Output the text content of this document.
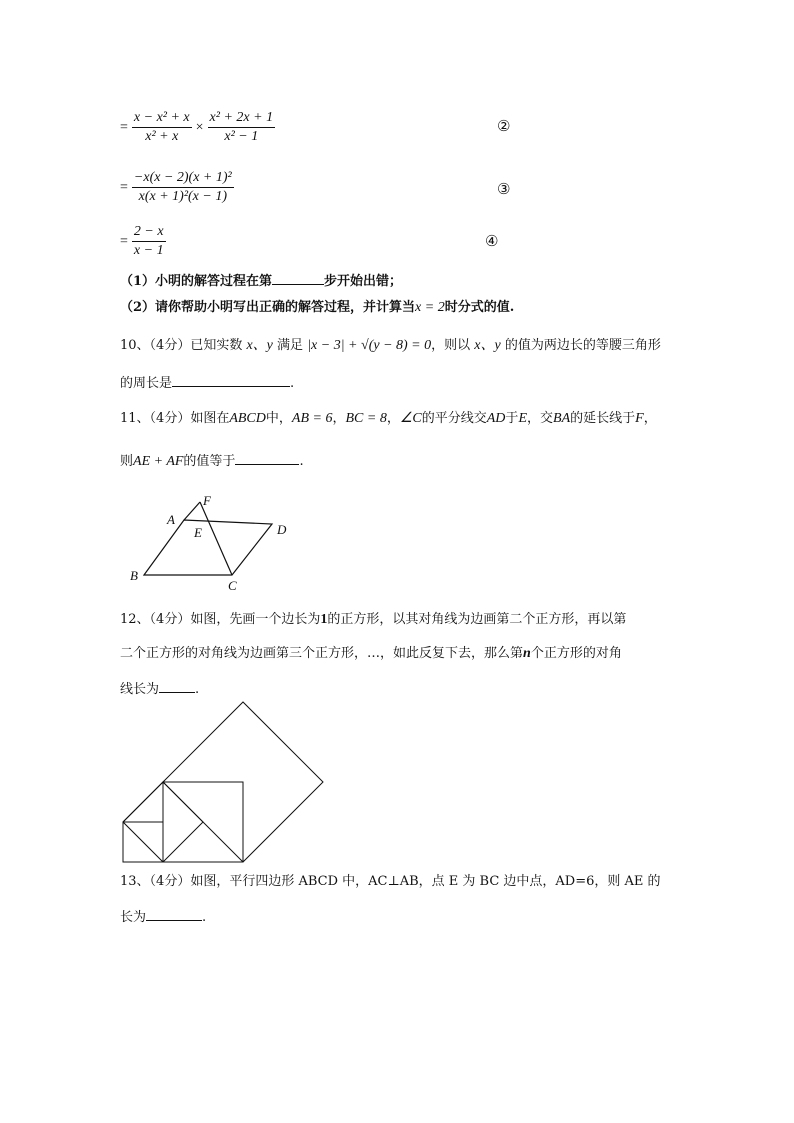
= $\frac{\text{x − x² + x}}{\text{x² + x}} \times \frac{\text{x² + 2x + 1}}{\text{x² − 1}}$	②
= $\frac{\text{−x(x − 2)(x + 1)²}}{\text{x(x + 1)²(x − 1)}}$	③
= $\frac{2 - x}{x - 1}$	④
（1）小明的解答过程在第	步开始出错；
（2）请你帮助小明写出正确的解答过程，并计算当x = 2时分式的值.
10、（4分）已知实数 x、y 满足 |x − 3| + √(y − 8) = 0，则以 x、y 的值为两边长的等腰三角形
的周长是	.
11、（4分）如图在ABCD中，AB = 6，BC = 8，∠C的平分线交AD于E，交BA的延长线于F，
则AE + AF的值等于	.
F
A
E	D
B
C
12、（4分）如图，先画一个边长为1的正方形，以其对角线为边画第二个正方形，再以第
二个正方形的对角线为边画第三个正方形，…，如此反复下去，那么第n个正方形的对角
线长为	.
13、（4分）如图，平行四边形 ABCD 中，AC⊥AB，点 E 为 BC 边中点，AD=6，则 AE 的
长为	.
